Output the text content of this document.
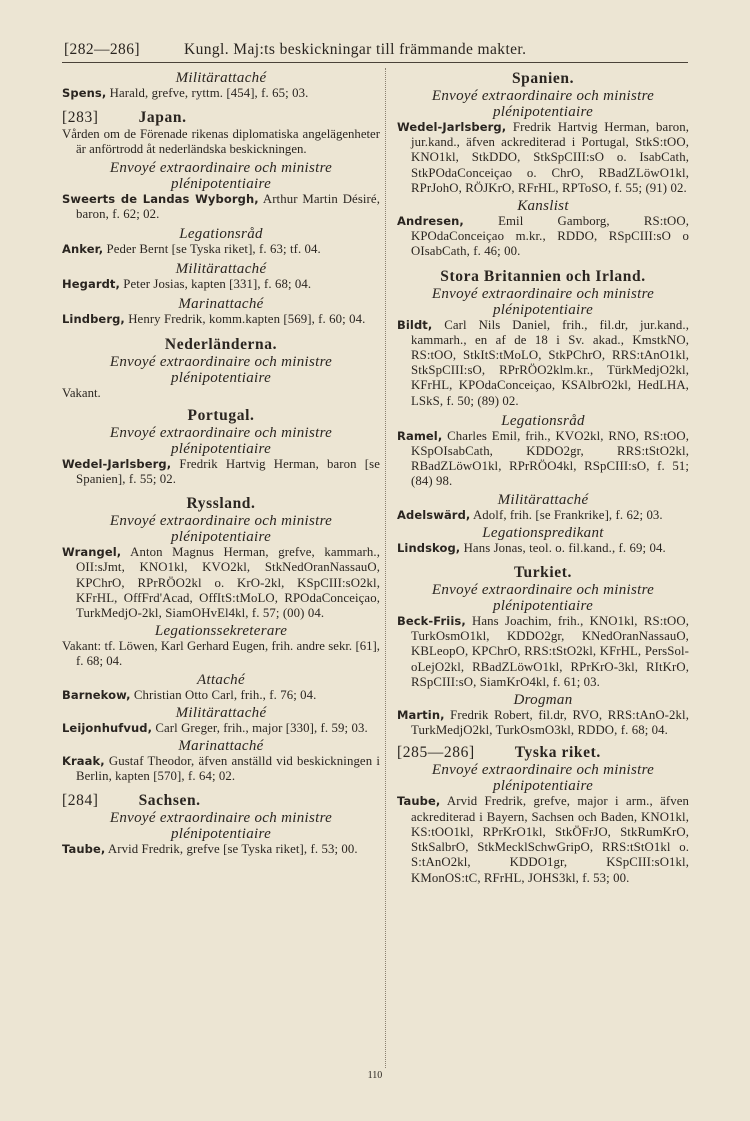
[282—286]	Kungl. Maj:ts beskickningar till främmande makter.

Militärattaché

Spens, Harald, grefve, ryttm. [454], f. 65; 03.

[283]	Japan.

Vården om de Förenade rikenas diplomatiska angelägenheter är anförtrodd åt nederländska beskickningen.

Envoyé extraordinaire och ministre plénipotentiaire

Sweerts de Landas Wyborgh, Arthur Martin Désiré, baron, f. 62; 02.

Legationsråd

Anker, Peder Bernt [se Tyska riket], f. 63; tf. 04.

Militärattaché

Hegardt, Peter Josias, kapten [331], f. 68; 04.

Marinattaché

Lindberg, Henry Fredrik, komm.kapten [569], f. 60; 04.

Nederländerna.

Envoyé extraordinaire och ministre plénipotentiaire

Vakant.

Portugal.

Envoyé extraordinaire och ministre plénipotentiaire

Wedel-Jarlsberg, Fredrik Hartvig Herman, baron [se Spanien], f. 55; 02.

Ryssland.

Envoyé extraordinaire och ministre plénipotentiaire

Wrangel, Anton Magnus Herman, grefve, kammarh., OII:sJmt, KNO1kl, KVO2kl, StkNedOranNassauO, KPChrO, RPrRÖO2kl o. KrO-2kl, KSpCIII:sO2kl, KFrHL, OffFrd'Acad, OffItS:tMoLO, RPOdaConceiçao, TurkMedjO-2kl, SiamOHvEl4kl, f. 57; (00) 04.

Legationssekreterare

Vakant: tf. Löwen, Karl Gerhard Eugen, frih. andre sekr. [61], f. 68; 04.

Attaché

Barnekow, Christian Otto Carl, frih., f. 76; 04.

Militärattaché

Leijonhufvud, Carl Greger, frih., major [330], f. 59; 03.

Marinattaché

Kraak, Gustaf Theodor, äfven anställd vid beskickningen i Berlin, kapten [570], f. 64; 02.

[284]	Sachsen.

Envoyé extraordinaire och ministre plénipotentiaire

Taube, Arvid Fredrik, grefve [se Tyska riket], f. 53; 00.

Spanien.

Envoyé extraordinaire och ministre plénipotentiaire

Wedel-Jarlsberg, Fredrik Hartvig Herman, baron, jur.kand., äfven ackrediterad i Portugal, StkS:tOO, KNO1kl, StkDDO, StkSpCIII:sO o. IsabCath, StkPOdaConceiçao o. ChrO, RBadZLöwO1kl, RPrJohO, RÖJKrO, RFrHL, RPToSO, f. 55; (91) 02.

Kanslist

Andresen, Emil Gamborg, RS:tOO, KPOdaConceiçao m.kr., RDDO, RSpCIII:sO o OIsabCath, f. 46; 00.

Stora Britannien och Irland.

Envoyé extraordinaire och ministre plénipotentiaire

Bildt, Carl Nils Daniel, frih., fil.dr, jur.kand., kammarh., en af de 18 i Sv. akad., KmstkNO, RS:tOO, StkItS:tMoLO, StkPChrO, RRS:tAnO1kl, StkSpCIII:sO, RPrRÖO2klm.kr., TürkMedjO2kl, KFrHL, KPOdaConceiçao, KSAlbrO2kl, HedLHA, LSkS, f. 50; (89) 02.

Legationsråd

Ramel, Charles Emil, frih., KVO2kl, RNO, RS:tOO, KSpOIsabCath, KDDO2gr, RRS:tStO2kl, RBadZLöwO1kl, RPrRÖO4kl, RSpCIII:sO, f. 51; (84) 98.

Militärattaché

Adelswärd, Adolf, frih. [se Frankrike], f. 62; 03.

Legationspredikant

Lindskog, Hans Jonas, teol. o. fil.kand., f. 69; 04.

Turkiet.

Envoyé extraordinaire och ministre plénipotentiaire

Beck-Friis, Hans Joachim, frih., KNO1kl, RS:tOO, TurkOsmO1kl, KDDO2gr, KNedOranNassauO, KBLeopO, KPChrO, RRS:tStO2kl, KFrHL, PersSol-oLejO2kl, RBadZLöwO1kl, RPrKrO-3kl, RItKrO, RSpCIII:sO, SiamKrO4kl, f. 61; 03.

Drogman

Martin, Fredrik Robert, fil.dr, RVO, RRS:tAnO-2kl, TurkMedjO2kl, TurkOsmO3kl, RDDO, f. 68; 04.

[285—286]	Tyska riket.

Envoyé extraordinaire och ministre plénipotentiaire

Taube, Arvid Fredrik, grefve, major i arm., äfven ackrediterad i Bayern, Sachsen och Baden, KNO1kl, KS:tOO1kl, RPrKrO1kl, StkÖFrJO, StkRumKrO, StkSalbrO, StkMecklSchwGripO, RRS:tStO1kl o. S:tAnO2kl, KDDO1gr, KSpCIII:sO1kl, KMonOS:tC, RFrHL, JOHS3kl, f. 53; 00.

110
